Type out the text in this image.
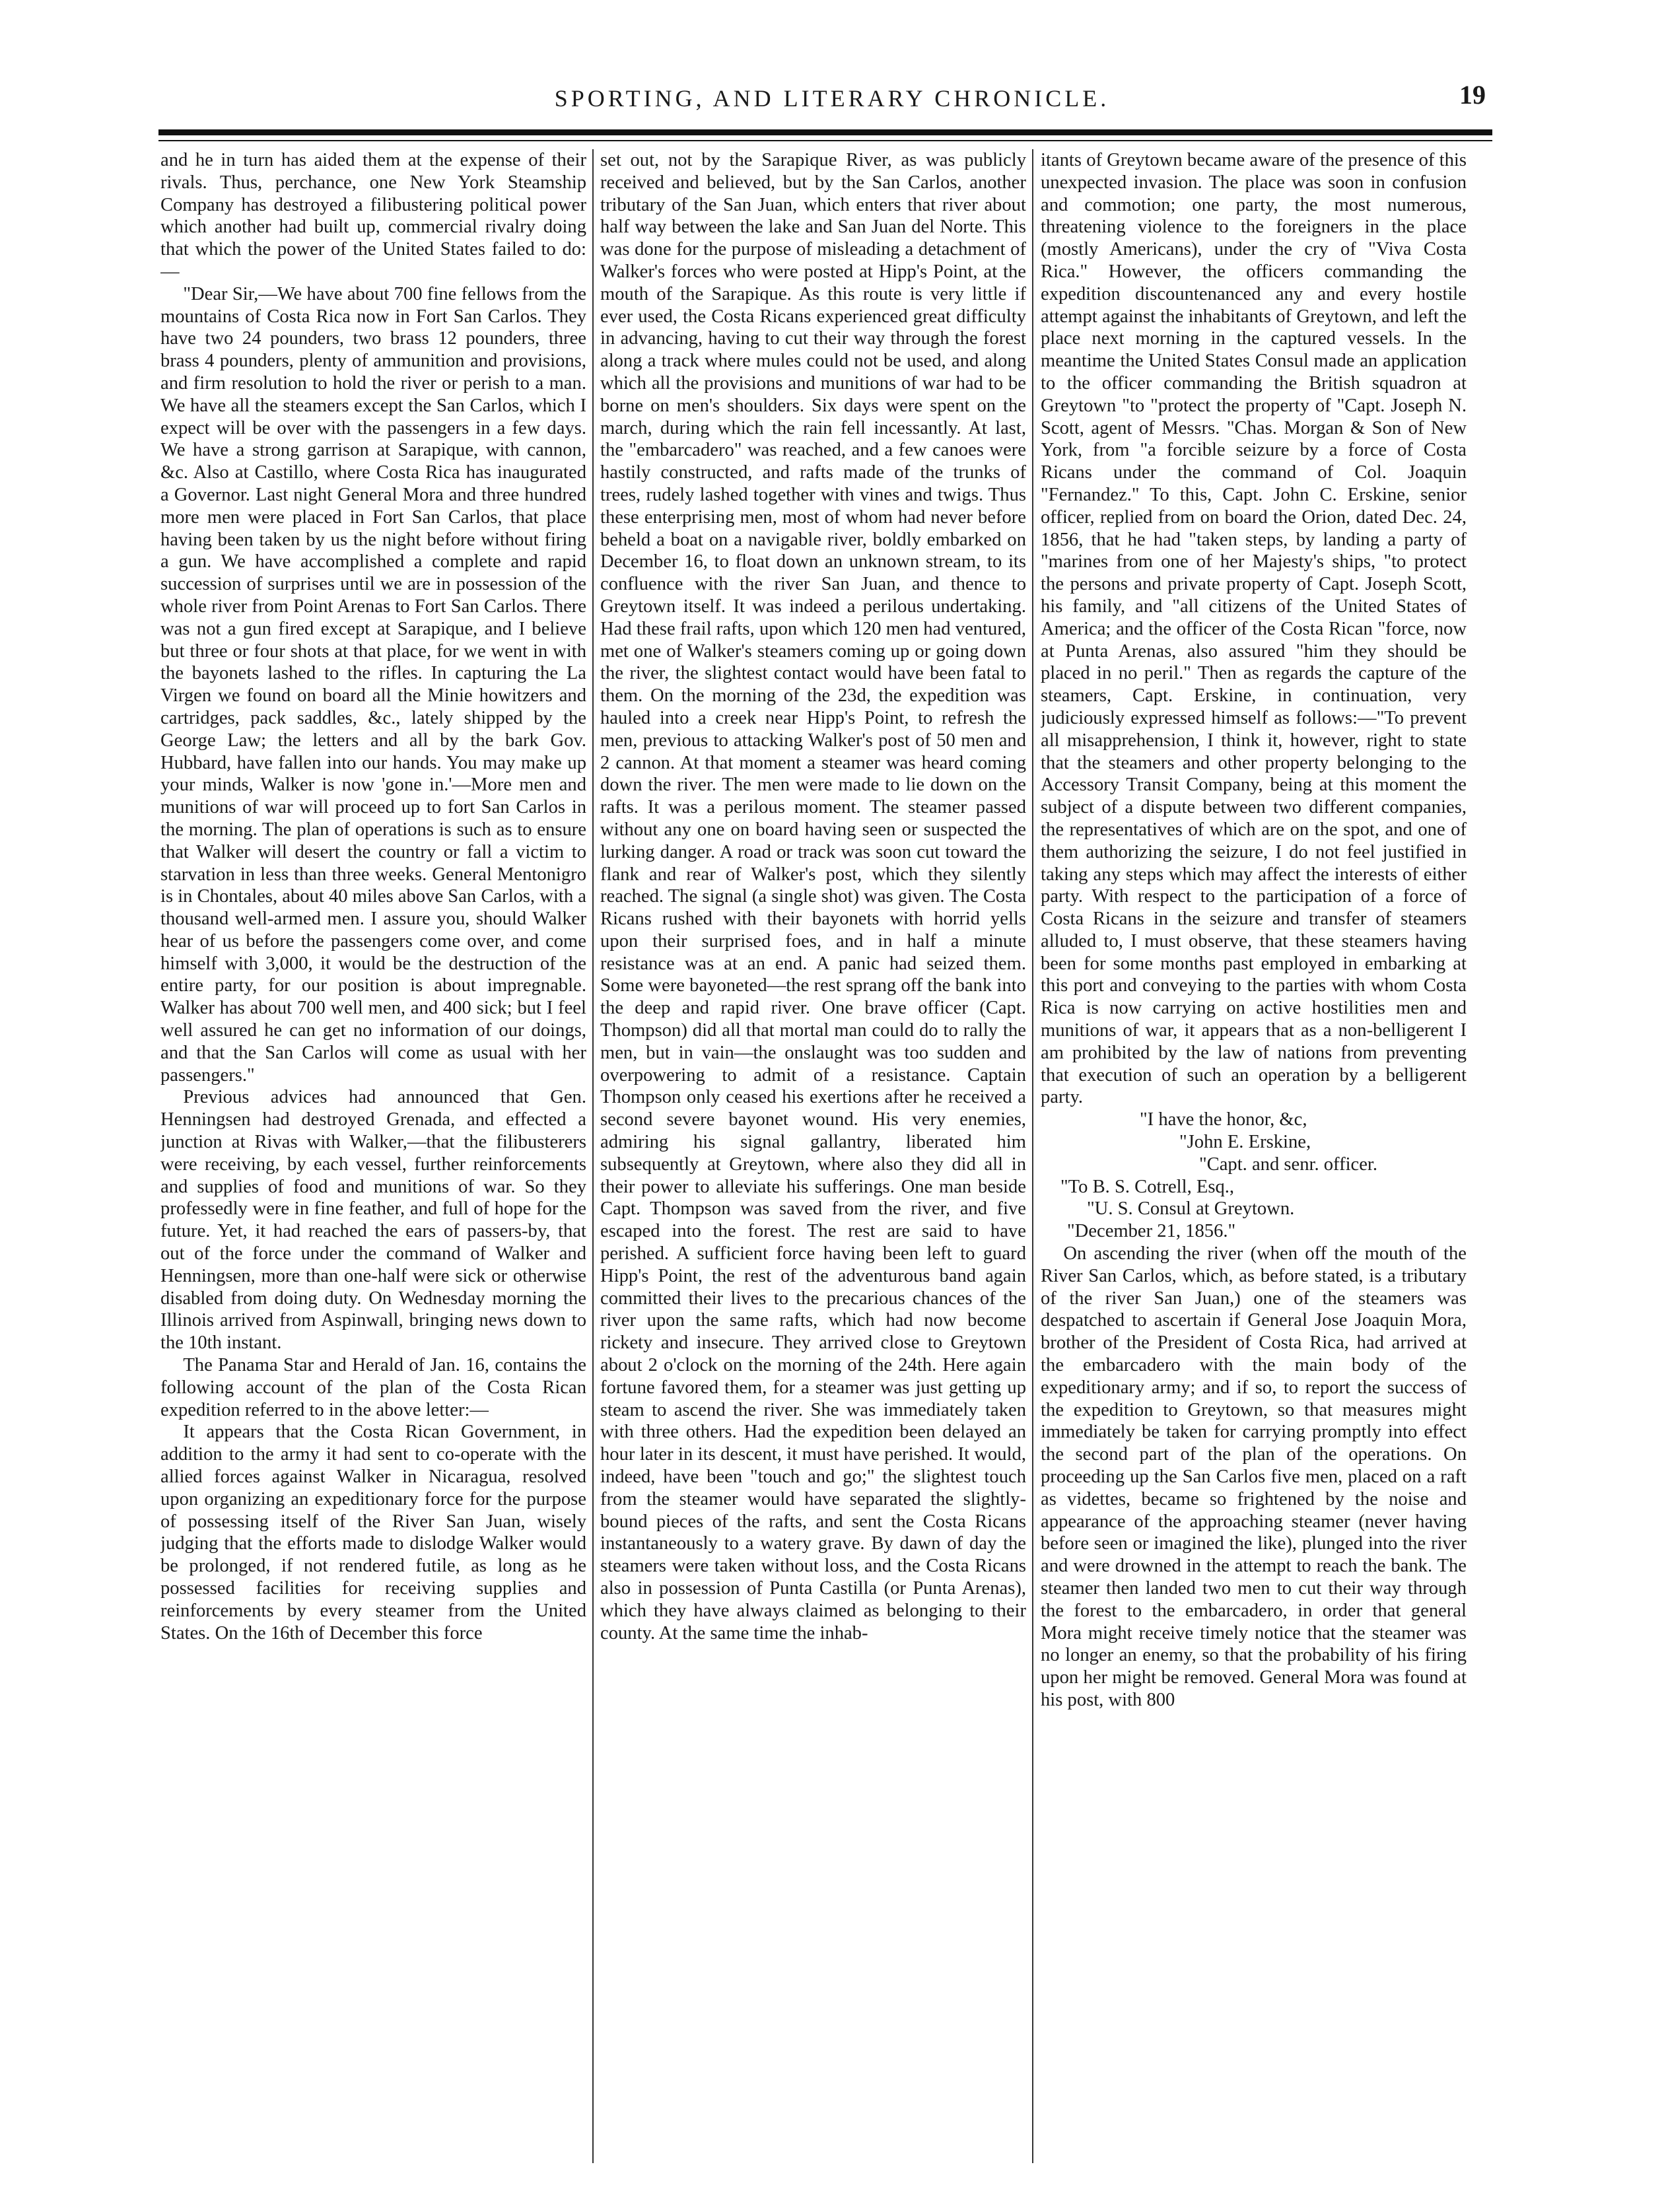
SPORTING, AND LITERARY CHRONICLE.	19

and he in turn has aided them at the expense of their rivals. Thus, perchance, one New York Steamship Company has destroyed a filibustering political power which another had built up, commercial rivalry doing that which the power of the United States failed to do:—

"Dear Sir,—We have about 700 fine fellows from the mountains of Costa Rica now in Fort San Carlos. They have two 24 pounders, two brass 12 pounders, three brass 4 pounders, plenty of ammunition and provisions, and firm resolution to hold the river or perish to a man. We have all the steamers except the San Carlos, which I expect will be over with the passengers in a few days. We have a strong garrison at Sarapique, with cannon, &c. Also at Castillo, where Costa Rica has inaugurated a Governor. Last night General Mora and three hundred more men were placed in Fort San Carlos, that place having been taken by us the night before without firing a gun. We have accomplished a complete and rapid succession of surprises until we are in possession of the whole river from Point Arenas to Fort San Carlos. There was not a gun fired except at Sarapique, and I believe but three or four shots at that place, for we went in with the bayonets lashed to the rifles. In capturing the La Virgen we found on board all the Minie howitzers and cartridges, pack saddles, &c., lately shipped by the George Law; the letters and all by the bark Gov. Hubbard, have fallen into our hands. You may make up your minds, Walker is now 'gone in.'—More men and munitions of war will proceed up to fort San Carlos in the morning. The plan of operations is such as to ensure that Walker will desert the country or fall a victim to starvation in less than three weeks. General Mentonigro is in Chontales, about 40 miles above San Carlos, with a thousand well-armed men. I assure you, should Walker hear of us before the passengers come over, and come himself with 3,000, it would be the destruction of the entire party, for our position is about impregnable. Walker has about 700 well men, and 400 sick; but I feel well assured he can get no information of our doings, and that the San Carlos will come as usual with her passengers."

Previous advices had announced that Gen. Henningsen had destroyed Grenada, and effected a junction at Rivas with Walker,—that the filibusterers were receiving, by each vessel, further reinforcements and supplies of food and munitions of war. So they professedly were in fine feather, and full of hope for the future. Yet, it had reached the ears of passers-by, that out of the force under the command of Walker and Henningsen, more than one-half were sick or otherwise disabled from doing duty. On Wednesday morning the Illinois arrived from Aspinwall, bringing news down to the 10th instant.

The Panama Star and Herald of Jan. 16, contains the following account of the plan of the Costa Rican expedition referred to in the above letter:—

It appears that the Costa Rican Government, in addition to the army it had sent to co-operate with the allied forces against Walker in Nicaragua, resolved upon organizing an expeditionary force for the purpose of possessing itself of the River San Juan, wisely judging that the efforts made to dislodge Walker would be prolonged, if not rendered futile, as long as he possessed facilities for receiving supplies and reinforcements by every steamer from the United States. On the 16th of December this force

set out, not by the Sarapique River, as was publicly received and believed, but by the San Carlos, another tributary of the San Juan, which enters that river about half way between the lake and San Juan del Norte. This was done for the purpose of misleading a detachment of Walker's forces who were posted at Hipp's Point, at the mouth of the Sarapique. As this route is very little if ever used, the Costa Ricans experienced great difficulty in advancing, having to cut their way through the forest along a track where mules could not be used, and along which all the provisions and munitions of war had to be borne on men's shoulders. Six days were spent on the march, during which the rain fell incessantly. At last, the "embarcadero" was reached, and a few canoes were hastily constructed, and rafts made of the trunks of trees, rudely lashed together with vines and twigs. Thus these enterprising men, most of whom had never before beheld a boat on a navigable river, boldly embarked on December 16, to float down an unknown stream, to its confluence with the river San Juan, and thence to Greytown itself. It was indeed a perilous undertaking. Had these frail rafts, upon which 120 men had ventured, met one of Walker's steamers coming up or going down the river, the slightest contact would have been fatal to them. On the morning of the 23d, the expedition was hauled into a creek near Hipp's Point, to refresh the men, previous to attacking Walker's post of 50 men and 2 cannon. At that moment a steamer was heard coming down the river. The men were made to lie down on the rafts. It was a perilous moment. The steamer passed without any one on board having seen or suspected the lurking danger. A road or track was soon cut toward the flank and rear of Walker's post, which they silently reached. The signal (a single shot) was given. The Costa Ricans rushed with their bayonets with horrid yells upon their surprised foes, and in half a minute resistance was at an end. A panic had seized them. Some were bayoneted—the rest sprang off the bank into the deep and rapid river. One brave officer (Capt. Thompson) did all that mortal man could do to rally the men, but in vain—the onslaught was too sudden and overpowering to admit of a resistance. Captain Thompson only ceased his exertions after he received a second severe bayonet wound. His very enemies, admiring his signal gallantry, liberated him subsequently at Greytown, where also they did all in their power to alleviate his sufferings. One man beside Capt. Thompson was saved from the river, and five escaped into the forest. The rest are said to have perished. A sufficient force having been left to guard Hipp's Point, the rest of the adventurous band again committed their lives to the precarious chances of the river upon the same rafts, which had now become rickety and insecure. They arrived close to Greytown about 2 o'clock on the morning of the 24th. Here again fortune favored them, for a steamer was just getting up steam to ascend the river. She was immediately taken with three others. Had the expedition been delayed an hour later in its descent, it must have perished. It would, indeed, have been "touch and go;" the slightest touch from the steamer would have separated the slightly-bound pieces of the rafts, and sent the Costa Ricans instantaneously to a watery grave. By dawn of day the steamers were taken without loss, and the Costa Ricans also in possession of Punta Castilla (or Punta Arenas), which they have always claimed as belonging to their county. At the same time the inhab-

itants of Greytown became aware of the presence of this unexpected invasion. The place was soon in confusion and commotion; one party, the most numerous, threatening violence to the foreigners in the place (mostly Americans), under the cry of "Viva Costa Rica." However, the officers commanding the expedition discountenanced any and every hostile attempt against the inhabitants of Greytown, and left the place next morning in the captured vessels. In the meantime the United States Consul made an application to the officer commanding the British squadron at Greytown "to "protect the property of "Capt. Joseph N. Scott, agent of Messrs. "Chas. Morgan & Son of New York, from "a forcible seizure by a force of Costa Ricans under the command of Col. Joaquin "Fernandez." To this, Capt. John C. Erskine, senior officer, replied from on board the Orion, dated Dec. 24, 1856, that he had "taken steps, by landing a party of "marines from one of her Majesty's ships, "to protect the persons and private property of Capt. Joseph Scott, his family, and "all citizens of the United States of America; and the officer of the Costa Rican "force, now at Punta Arenas, also assured "him they should be placed in no peril." Then as regards the capture of the steamers, Capt. Erskine, in continuation, very judiciously expressed himself as follows:—"To prevent all misapprehension, I think it, however, right to state that the steamers and other property belonging to the Accessory Transit Company, being at this moment the subject of a dispute between two different companies, the representatives of which are on the spot, and one of them authorizing the seizure, I do not feel justified in taking any steps which may affect the interests of either party. With respect to the participation of a force of Costa Ricans in the seizure and transfer of steamers alluded to, I must observe, that these steamers having been for some months past employed in embarking at this port and conveying to the parties with whom Costa Rica is now carrying on active hostilities men and munitions of war, it appears that as a non-belligerent I am prohibited by the law of nations from preventing that execution of such an operation by a belligerent party.

"I have the honor, &c,
"John E. Erskine,
"Capt. and senr. officer.
"To B. S. Cotrell, Esq.,
"U. S. Consul at Greytown.
"December 21, 1856."

On ascending the river (when off the mouth of the River San Carlos, which, as before stated, is a tributary of the river San Juan,) one of the steamers was despatched to ascertain if General Jose Joaquin Mora, brother of the President of Costa Rica, had arrived at the embarcadero with the main body of the expeditionary army; and if so, to report the success of the expedition to Greytown, so that measures might immediately be taken for carrying promptly into effect the second part of the plan of the operations. On proceeding up the San Carlos five men, placed on a raft as videttes, became so frightened by the noise and appearance of the approaching steamer (never having before seen or imagined the like), plunged into the river and were drowned in the attempt to reach the bank. The steamer then landed two men to cut their way through the forest to the embarcadero, in order that general Mora might receive timely notice that the steamer was no longer an enemy, so that the probability of his firing upon her might be removed. General Mora was found at his post, with 800
